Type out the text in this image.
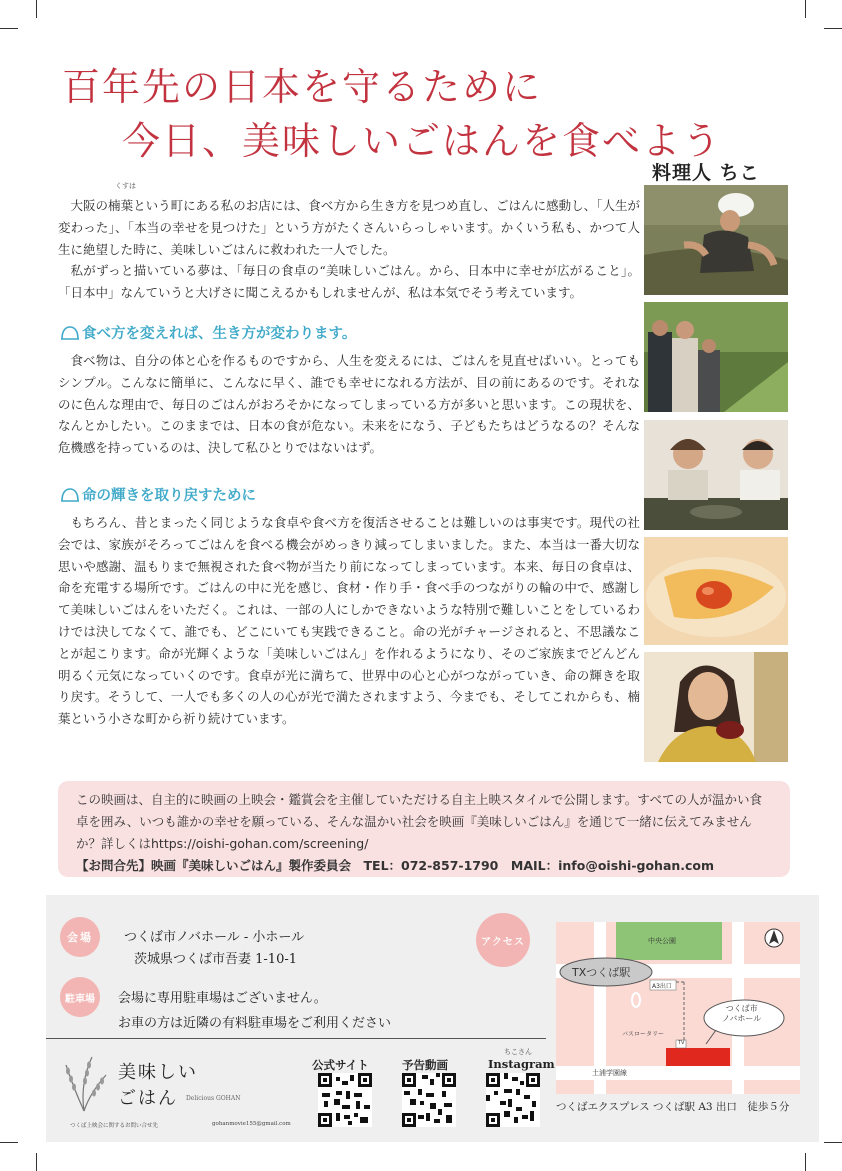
百年先の日本を守るために
今日、美味しいごはんを食べよう
料理人 ちこ
くすは

大阪の楠葉という町にある私のお店には、食べ方から生き方を見つめ直し、ごはんに感動し、「人生が変わった」、「本当の幸せを見つけた」という方がたくさんいらっしゃいます。かくいう私も、かつて人生に絶望した時に、美味しいごはんに救われた一人でした。

私がずっと描いている夢は、「毎日の食卓の“美味しいごはん。から、日本中に幸せが広がること」。「日本中」なんていうと大げさに聞こえるかもしれませんが、私は本気でそう考えています。

食べ方を変えれば、生き方が変わります。

食べ物は、自分の体と心を作るものですから、人生を変えるには、ごはんを見直せばいい。とってもシンプル。こんなに簡単に、こんなに早く、誰でも幸せになれる方法が、目の前にあるのです。それなのに色んな理由で、毎日のごはんがおろそかになってしまっている方が多いと思います。この現状を、なんとかしたい。このままでは、日本の食が危ない。未来をになう、子どもたちはどうなるの？そんな危機感を持っているのは、決して私ひとりではないはず。

命の輝きを取り戻すために

もちろん、昔とまったく同じような食卓や食べ方を復活させることは難しいのは事実です。現代の社会では、家族がそろってごはんを食べる機会がめっきり減ってしまいました。また、本当は一番大切な思いや感謝、温もりまで無視された食べ物が当たり前になってしまっています。本来、毎日の食卓は、命を充電する場所です。ごはんの中に光を感じ、食材・作り手・食べ手のつながりの輪の中で、感謝して美味しいごはんをいただく。これは、一部の人にしかできないような特別で難しいことをしているわけでは決してなくて、誰でも、どこにいても実践できること。命の光がチャージされると、不思議なことが起こります。命が光輝くような「美味しいごはん」を作れるようになり、そのご家族までどんどん明るく元気になっていくのです。食卓が光に満ちて、世界中の心と心がつながっていき、命の輝きを取り戻す。そうして、一人でも多くの人の心が光で満たされますよう、今までも、そしてこれからも、楠葉という小さな町から祈り続けています。

この映画は、自主的に映画の上映会・鑑賞会を主催していただける自主上映スタイルで公開します。すべての人が温かい食卓を囲み、いつも誰かの幸せを願っている、そんな温かい社会を映画『美味しいごはん』を通じて一緒に伝えてみませんか？詳しくはhttps://oishi-gohan.com/screening/
【お問合先】映画『美味しいごはん』製作委員会　TEL：072-857-1790　MAIL：info@oishi-gohan.com
会場	つくば市ノバホール - 小ホール
茨城県つくば市吾妻 1-10-1
駐車場	会場に専用駐車場はございません。
お車の方は近隣の有料駐車場をご利用ください
アクセス
美味しい
ごはん Delicious GOHAN
つくば上映会に関するお問い合せ先	gohanmovie155@gmail.com
公式サイト	予告動画
ちこさん
Instagram
つくばエクスプレス つくば駅 A3 出口　徒歩５分
中央公園
TXつくば駅
A3出口
つくば市
ノバホール
バスロータリー
TV
土浦学園線
